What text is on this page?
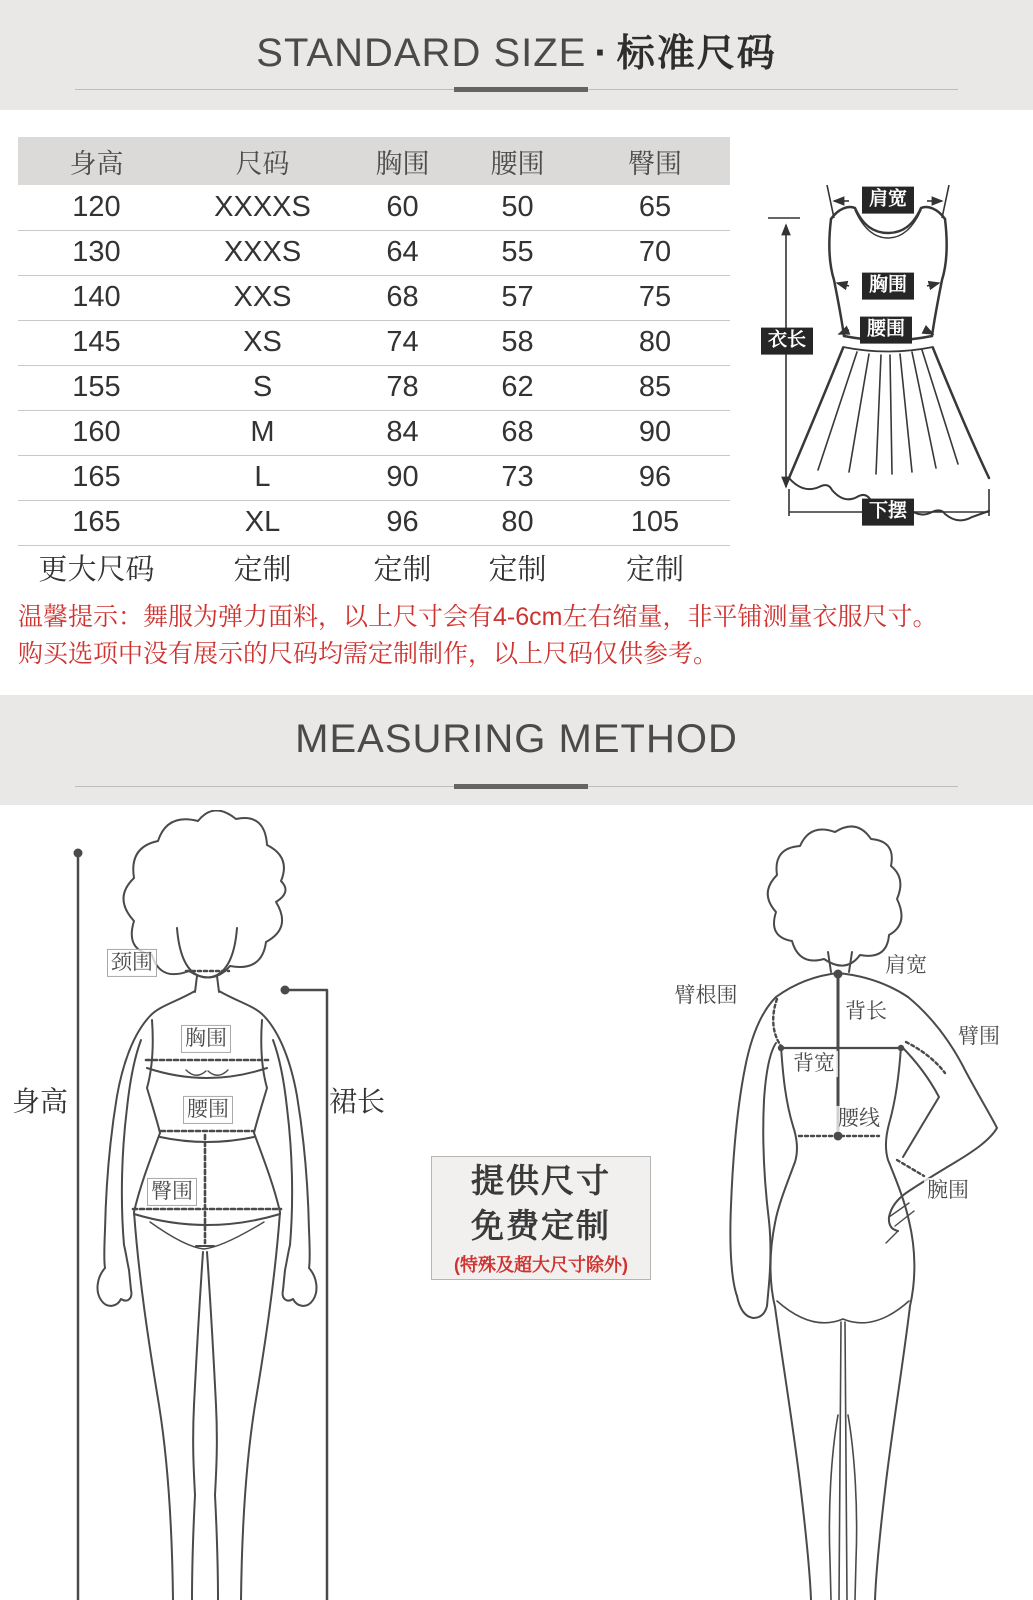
STANDARD SIZE · 标准尺码
身高	尺码	胸围	腰围	臀围
120	XXXXS	60	50	65
130	XXXS	64	55	70
140	XXS	68	57	75
145	XS	74	58	80
155	S	78	62	85
160	M	84	68	90
165	L	90	73	96
165	XL	96	80	105
更大尺码	定制	定制	定制	定制
肩宽
胸围
腰围
衣长
下摆
温馨提示：舞服为弹力面料，以上尺寸会有4-6cm左右缩量，非平铺测量衣服尺寸。
购买选项中没有展示的尺码均需定制制作，以上尺码仅供参考。
MEASURING METHOD
颈围
胸围
腰围
臀围
身高	裙长
臂根围
肩宽
背长
臂围
背宽
腰线
腕围
提供尺寸
免费定制
(特殊及超大尺寸除外)
